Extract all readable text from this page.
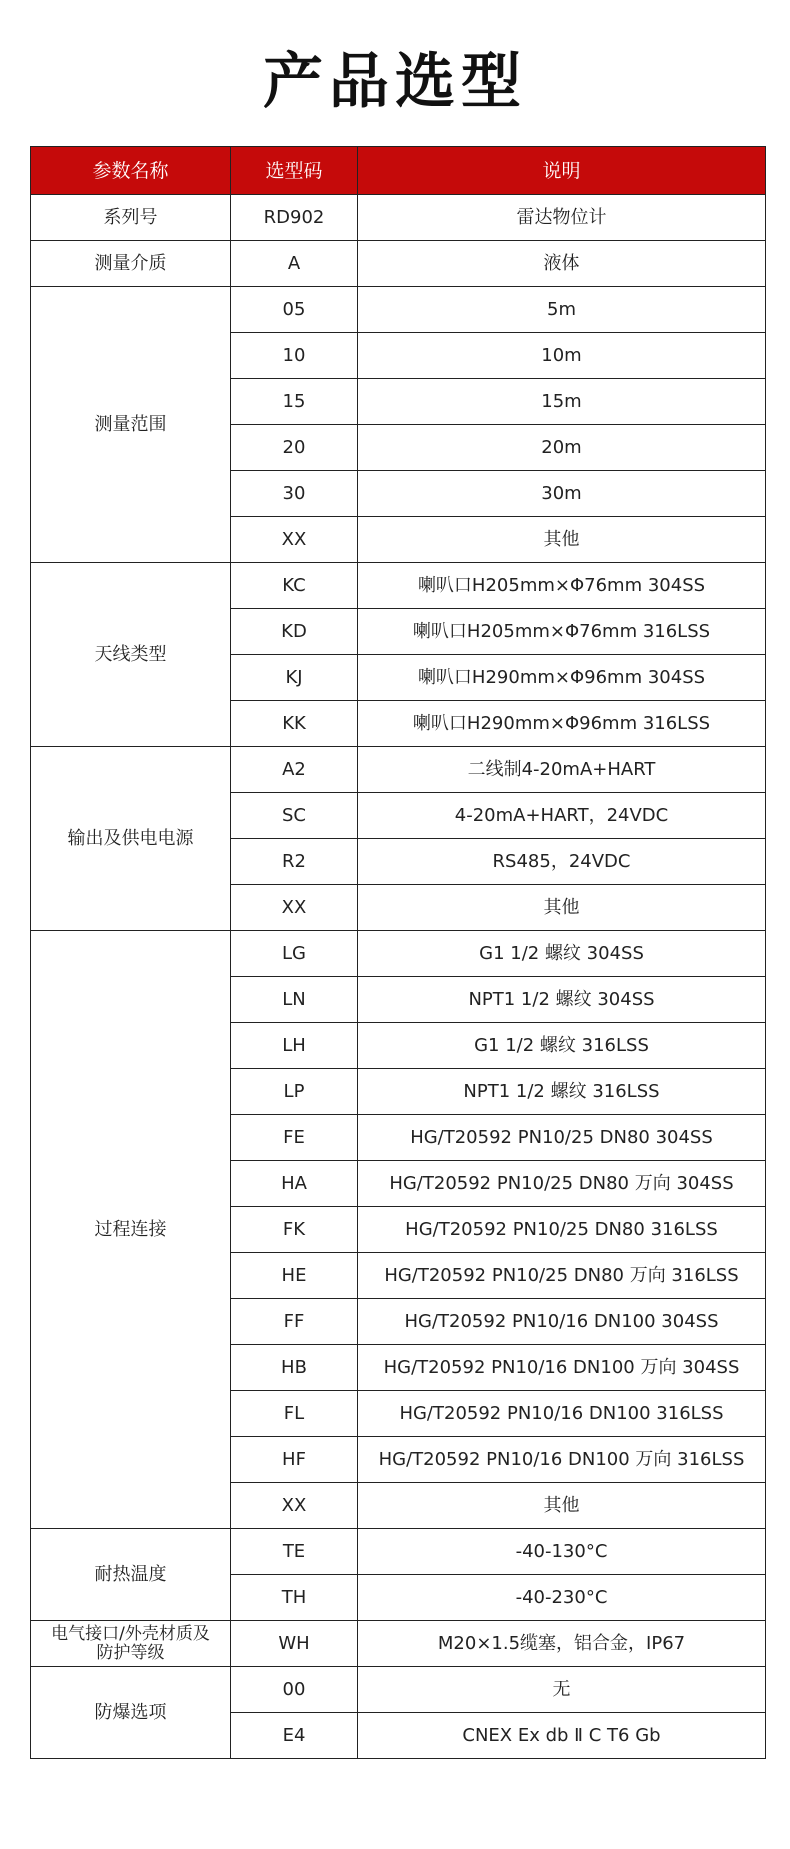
产品选型
参数名称	选型码	说明
系列号	RD902	雷达物位计
测量介质	A	液体
测量范围	05	5m
	10	10m
	15	15m
	20	20m
	30	30m
	XX	其他
天线类型	KC	喇叭口H205mm×Φ76mm 304SS
	KD	喇叭口H205mm×Φ76mm 316LSS
	KJ	喇叭口H290mm×Φ96mm 304SS
	KK	喇叭口H290mm×Φ96mm 316LSS
输出及供电电源	A2	二线制4-20mA+HART
	SC	4-20mA+HART，24VDC
	R2	RS485，24VDC
	XX	其他
过程连接	LG	G1 1/2 螺纹 304SS
	LN	NPT1 1/2 螺纹 304SS
	LH	G1 1/2 螺纹 316LSS
	LP	NPT1 1/2 螺纹 316LSS
	FE	HG/T20592 PN10/25 DN80 304SS
	HA	HG/T20592 PN10/25 DN80 万向 304SS
	FK	HG/T20592 PN10/25 DN80 316LSS
	HE	HG/T20592 PN10/25 DN80 万向 316LSS
	FF	HG/T20592 PN10/16 DN100 304SS
	HB	HG/T20592 PN10/16 DN100 万向 304SS
	FL	HG/T20592 PN10/16 DN100 316LSS
	HF	HG/T20592 PN10/16 DN100 万向 316LSS
	XX	其他
耐热温度	TE	-40-130°C
	TH	-40-230°C

电气接口/外壳材质及
防护等级	WH	M20×1.5缆塞，铝合金，IP67
防爆选项	00	无
	E4	CNEX Ex db Ⅱ C T6 Gb
